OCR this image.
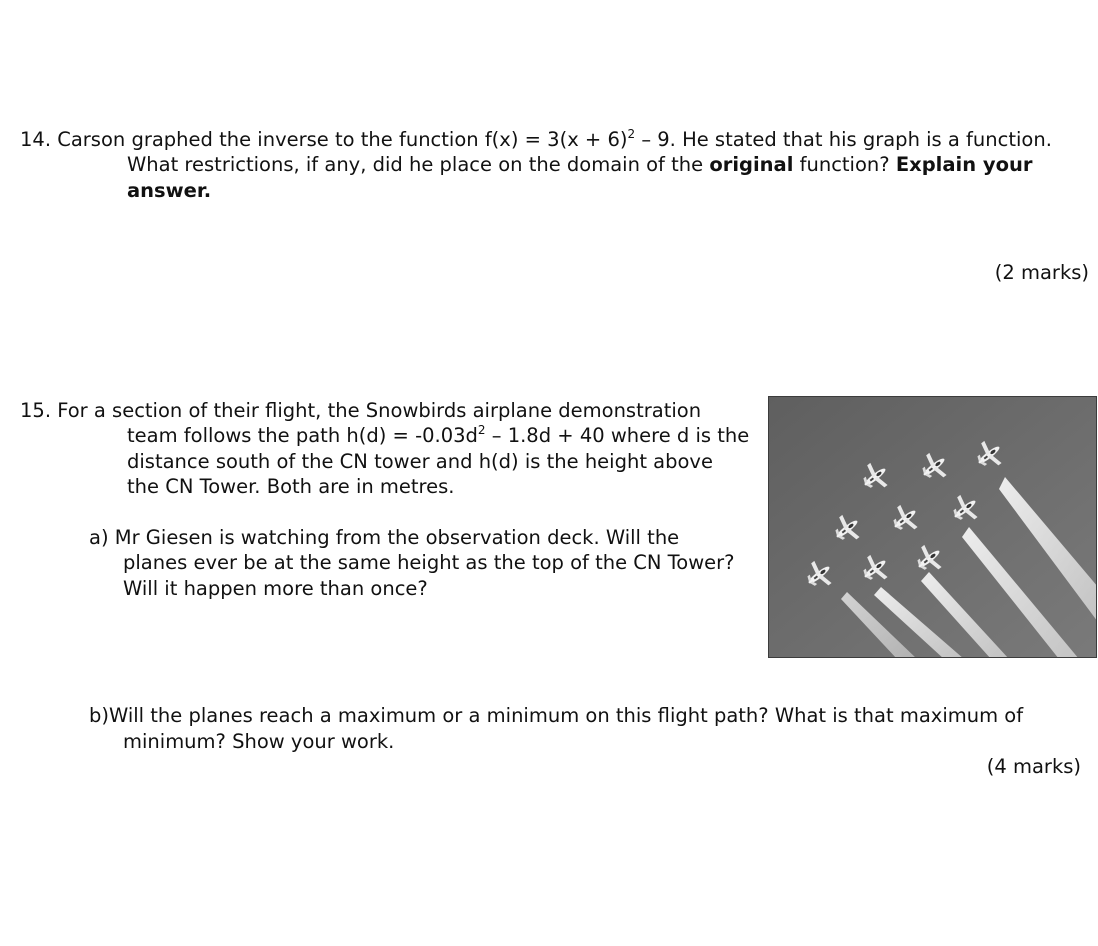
14. Carson graphed the inverse to the function $f(x) = 3(x + 6)^2 - 9$. He stated that his graph is a function.
What restrictions, if any, did he place on the domain of the original function? Explain your
answer.
(2 marks)
15. For a section of their flight, the Snowbirds airplane demonstration
team follows the path $h(d) = -0.03d^2 - 1.8d + 40$ where d is the
distance south of the CN tower and h(d) is the height above
the CN Tower. Both are in metres.
a) Mr Giesen is watching from the observation deck. Will the
planes ever be at the same height as the top of the CN Tower?
Will it happen more than once?
b)Will the planes reach a maximum or a minimum on this flight path? What is that maximum of
minimum? Show your work.
(4 marks)
